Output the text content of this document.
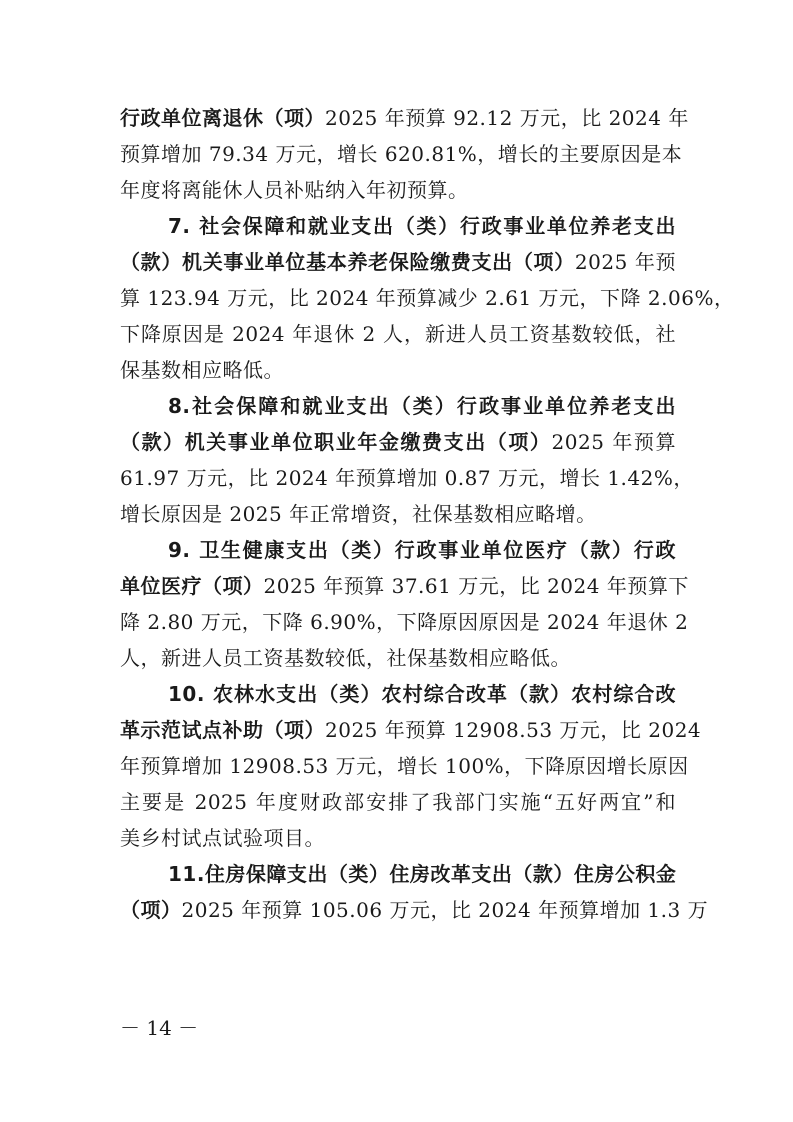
行政单位离退休（项）2025 年预算 92.12 万元，比 2024 年
预算增加 79.34 万元，增长 620.81%，增长的主要原因是本
年度将离能休人员补贴纳入年初预算。
7. 社会保障和就业支出（类）行政事业单位养老支出
（款）机关事业单位基本养老保险缴费支出（项）2025 年预
算 123.94 万元，比 2024 年预算减少 2.61 万元，下降 2.06%，
下降原因是 2024 年退休 2 人，新进人员工资基数较低，社
保基数相应略低。
8.社会保障和就业支出（类）行政事业单位养老支出
（款）机关事业单位职业年金缴费支出（项）2025 年预算
61.97 万元，比 2024 年预算增加 0.87 万元，增长 1.42%，
增长原因是 2025 年正常增资，社保基数相应略增。
9. 卫生健康支出（类）行政事业单位医疗（款）行政
单位医疗（项）2025 年预算 37.61 万元，比 2024 年预算下
降 2.80 万元，下降 6.90%，下降原因原因是 2024 年退休 2
人，新进人员工资基数较低，社保基数相应略低。
10. 农林水支出（类）农村综合改革（款）农村综合改
革示范试点补助（项）2025 年预算 12908.53 万元，比 2024
年预算增加 12908.53 万元，增长 100%，下降原因增长原因
主要是 2025 年度财政部安排了我部门实施“五好两宜”和
美乡村试点试验项目。
11.住房保障支出（类）住房改革支出（款）住房公积金
（项）2025 年预算 105.06 万元，比 2024 年预算增加 1.3 万
－ 14 －
